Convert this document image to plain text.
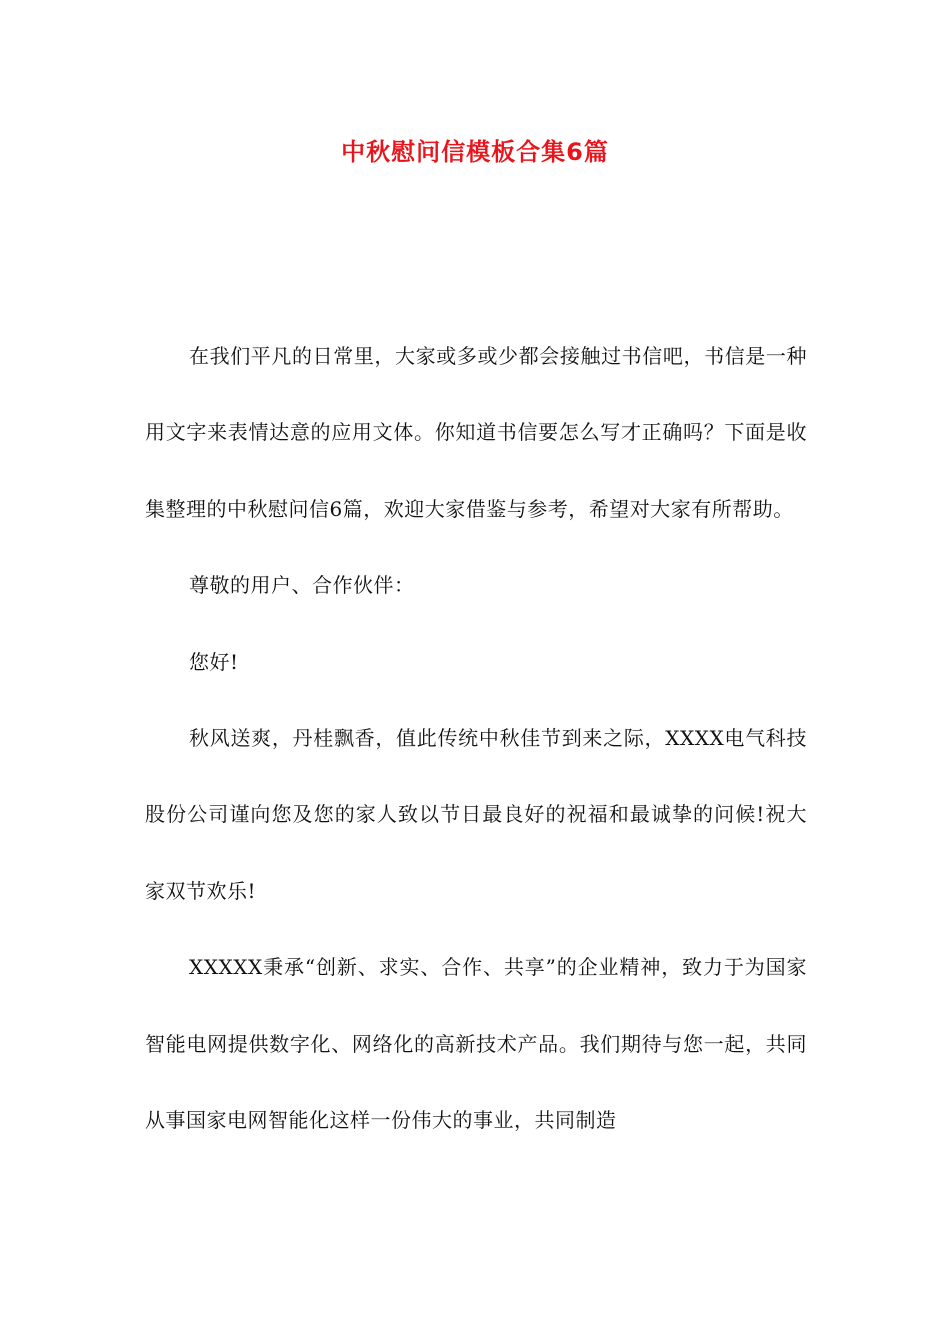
中秋慰问信模板合集6篇

在我们平凡的日常里，大家或多或少都会接触过书信吧，书信是一种用文字来表情达意的应用文体。你知道书信要怎么写才正确吗？下面是收集整理的中秋慰问信6篇，欢迎大家借鉴与参考，希望对大家有所帮助。

尊敬的用户、合作伙伴：

您好!

秋风送爽，丹桂飘香，值此传统中秋佳节到来之际，XXXX电气科技股份公司谨向您及您的家人致以节日最良好的祝福和最诚挚的问候!祝大家双节欢乐!

XXXXX秉承“创新、求实、合作、共享”的企业精神，致力于为国家智能电网提供数字化、网络化的高新技术产品。我们期待与您一起，共同从事国家电网智能化这样一份伟大的事业，共同制造
